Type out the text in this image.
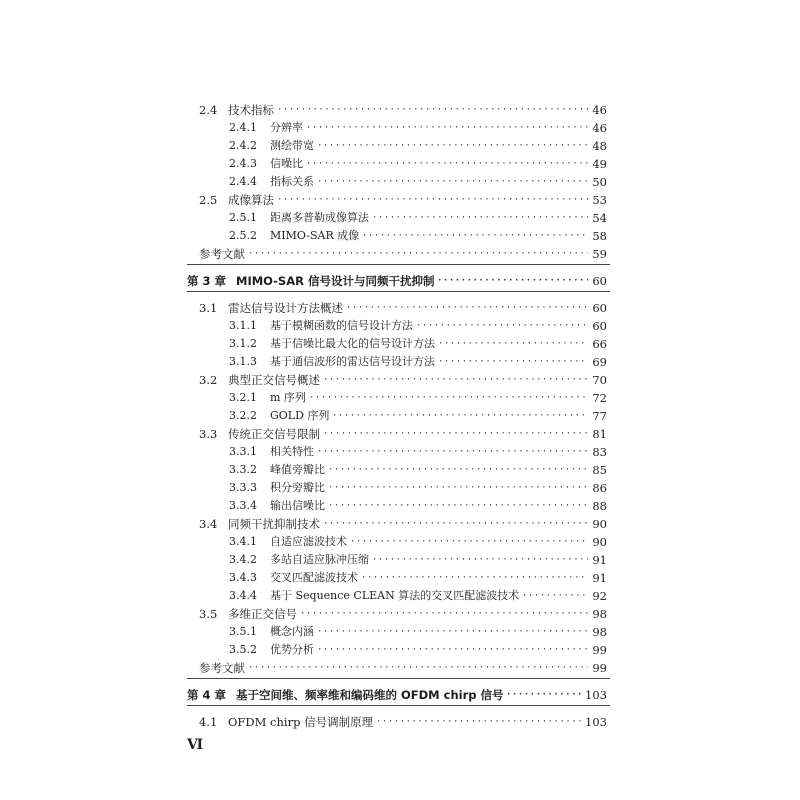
2.4 技术指标 ·····	46
2.4.1 分辨率 ·····	46
2.4.2 测绘带宽 ·····	48
2.4.3 信噪比 ·····	49
2.4.4 指标关系 ·····	50
2.5 成像算法 ·····	53
2.5.1 距离多普勒成像算法 ·····	54
2.5.2 MIMO-SAR 成像 ·····	58
参考文献 ·····	59
第 3 章 MIMO-SAR 信号设计与同频干扰抑制 ·····	60
3.1 雷达信号设计方法概述 ·····	60
3.1.1 基于模糊函数的信号设计方法 ·····	60
3.1.2 基于信噪比最大化的信号设计方法 ·····	66
3.1.3 基于通信波形的雷达信号设计方法 ·····	69
3.2 典型正交信号概述 ·····	70
3.2.1 m 序列 ·····	72
3.2.2 GOLD 序列 ·····	77
3.3 传统正交信号限制 ·····	81
3.3.1 相关特性 ·····	83
3.3.2 峰值旁瓣比 ·····	85
3.3.3 积分旁瓣比 ·····	86
3.3.4 输出信噪比 ·····	88
3.4 同频干扰抑制技术 ·····	90
3.4.1 自适应滤波技术 ·····	90
3.4.2 多站自适应脉冲压缩 ·····	91
3.4.3 交叉匹配滤波技术 ·····	91
3.4.4 基于 Sequence CLEAN 算法的交叉匹配滤波技术 ·····	92
3.5 多维正交信号 ·····	98
3.5.1 概念内涵 ·····	98
3.5.2 优势分析 ·····	99
参考文献 ·····	99
第 4 章 基于空间维、频率维和编码维的 OFDM chirp 信号 ·····	103
4.1 OFDM chirp 信号调制原理 ·····	103
Ⅵ
